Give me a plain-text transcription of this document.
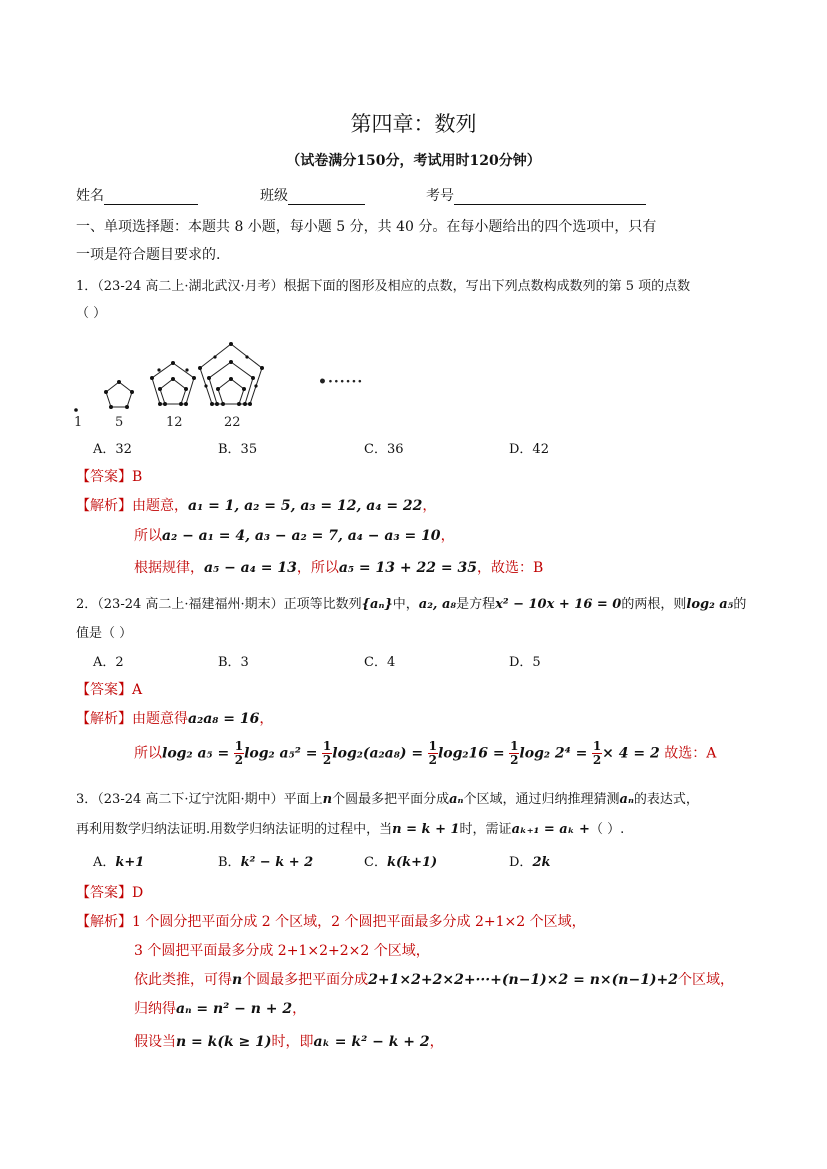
第四章：数列
（试卷满分150分，考试用时120分钟）
姓名	班级	考号
一、单项选择题：本题共 8 小题，每小题 5 分，共 40 分。在每小题给出的四个选项中，只有
一项是符合题目要求的.
1．（23-24 高二上·湖北武汉·月考）根据下面的图形及相应的点数，写出下列点数构成数列的第 5 项的点数
（ ）
•······
1	5	12	22
A．32	B．35	C．36	D．42
【答案】B
【解析】由题意，a₁ = 1, a₂ = 5, a₃ = 12, a₄ = 22，
所以a₂ − a₁ = 4, a₃ − a₂ = 7, a₄ − a₃ = 10，
根据规律，a₅ − a₄ = 13，所以a₅ = 13 + 22 = 35，故选：B
2．（23-24 高二上·福建福州·期末）正项等比数列{aₙ}中，a₂, a₈是方程x² − 10x + 16 = 0的两根，则log₂ a₅的
值是（ ）
A．2	B．3	C．4	D．5
【答案】A
【解析】由题意得a₂a₈ = 16，
所以log₂ $a_5 = \frac{1}{2} \log_2$ $a_5^2 = \frac{1}{2} \log_2(a_2a_8) = \frac{1}{2} \log_216 = \frac{1}{2} \log_2$ $2^4 = \frac{1}{2} \times 4 = 2$ 故选：A
3．（23-24 高二下·辽宁沈阳·期中）平面上n个圆最多把平面分成aₙ个区域，通过归纳推理猜测aₙ的表达式，
再利用数学归纳法证明.用数学归纳法证明的过程中，当n = k + 1时，需证aₖ₊₁ = aₖ +（ ）.
A．k+1	B．k² − k + 2	C．k(k+1)	D．2k
【答案】D
【解析】1 个圆分把平面分成 2 个区域，2 个圆把平面最多分成 2+1×2 个区域，
3 个圆把平面最多分成 2+1×2+2×2 个区域，
依此类推，可得n个圆最多把平面分成2+1×2+2×2+···+(n−1)×2 = n×(n−1)+2个区域，
归纳得aₙ = n² − n + 2，
假设当n = k(k ≥ 1)时，即aₖ = k² − k + 2，
